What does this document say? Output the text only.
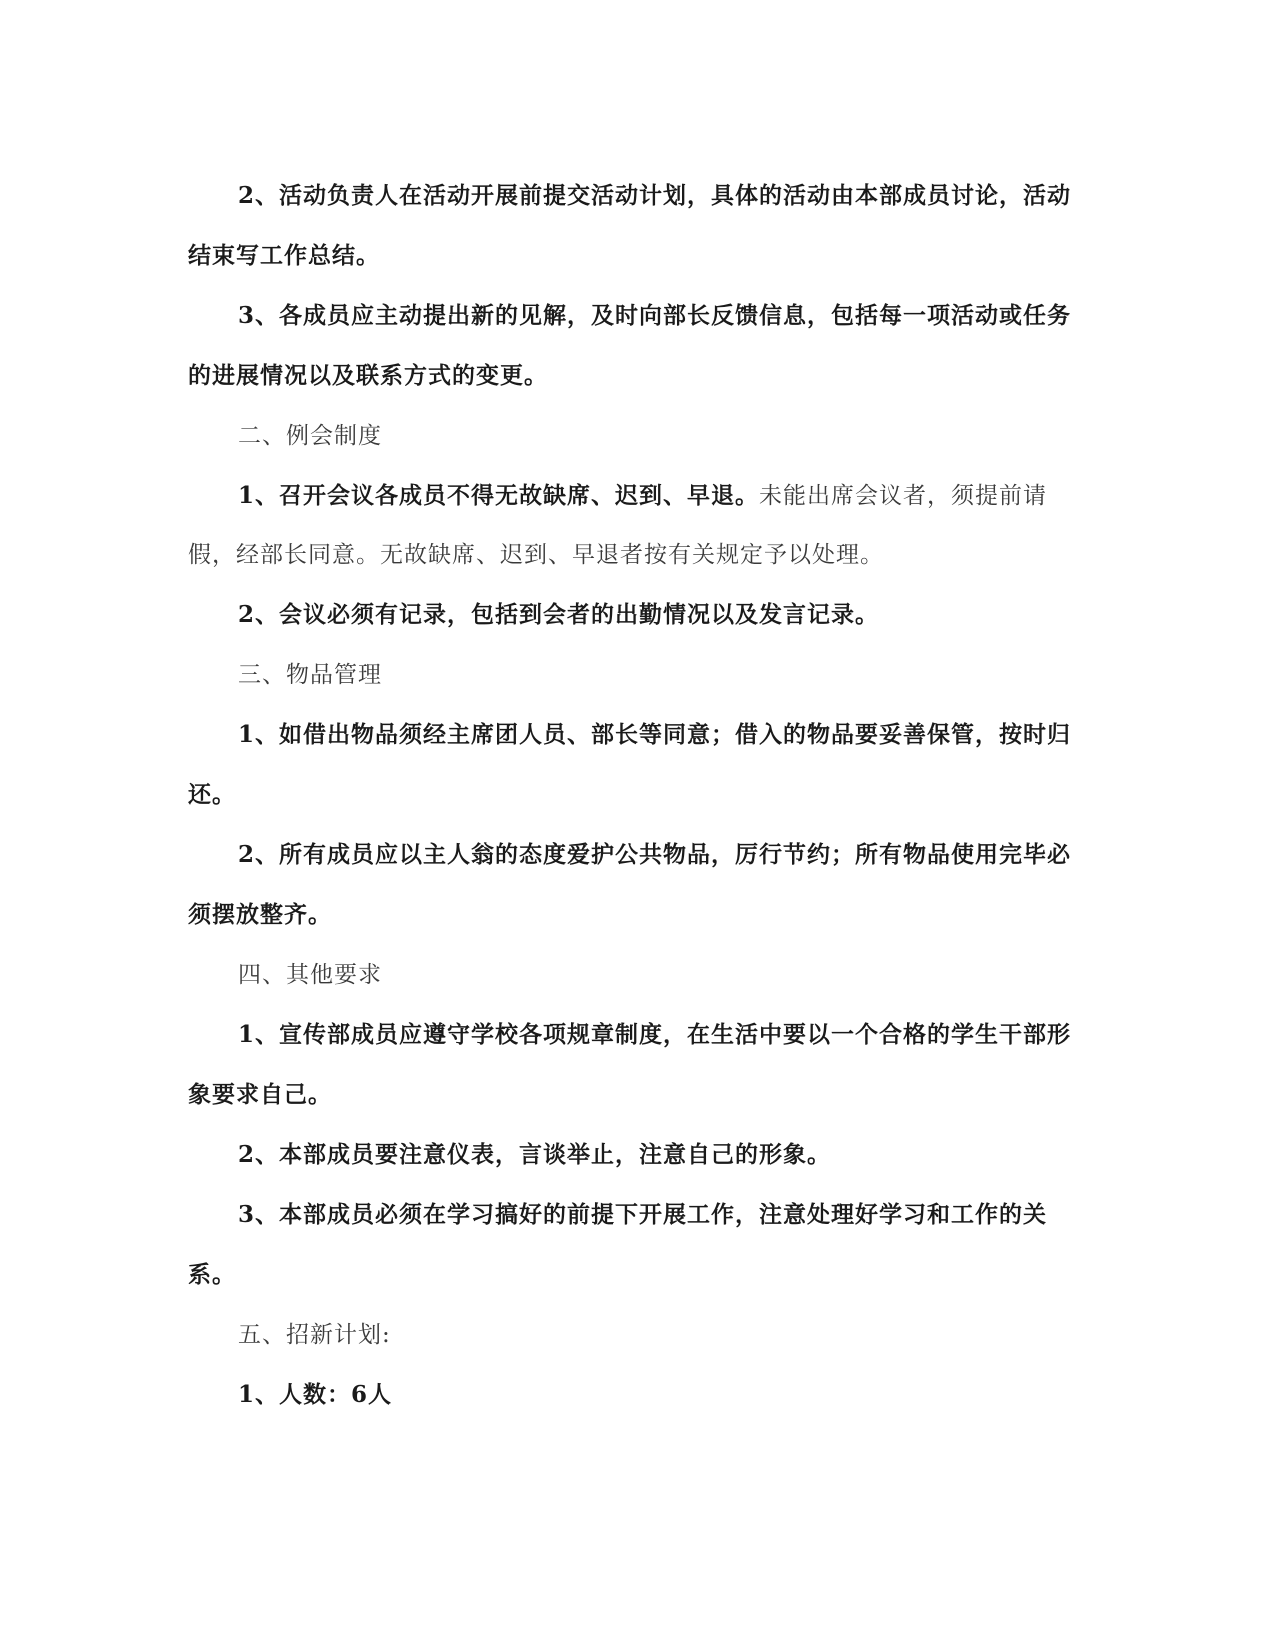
2、活动负责人在活动开展前提交活动计划，具体的活动由本部成员讨论，活动结束写工作总结。

3、各成员应主动提出新的见解，及时向部长反馈信息，包括每一项活动或任务的进展情况以及联系方式的变更。

二、例会制度

1、召开会议各成员不得无故缺席、迟到、早退。未能出席会议者，须提前请假，经部长同意。无故缺席、迟到、早退者按有关规定予以处理。

2、会议必须有记录，包括到会者的出勤情况以及发言记录。

三、物品管理

1、如借出物品须经主席团人员、部长等同意；借入的物品要妥善保管，按时归还。

2、所有成员应以主人翁的态度爱护公共物品，厉行节约；所有物品使用完毕必须摆放整齐。

四、其他要求

1、宣传部成员应遵守学校各项规章制度，在生活中要以一个合格的学生干部形象要求自己。

2、本部成员要注意仪表，言谈举止，注意自己的形象。

3、本部成员必须在学习搞好的前提下开展工作，注意处理好学习和工作的关系。

五、招新计划:

1、人数：6人
